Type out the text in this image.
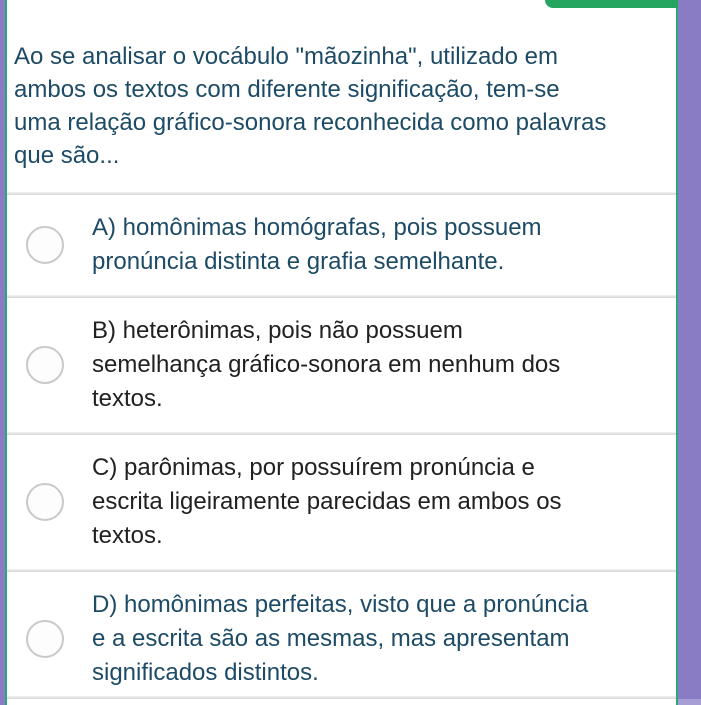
Ao se analisar o vocábulo "mãozinha", utilizado em
ambos os textos com diferente significação, tem-se
uma relação gráfico-sonora reconhecida como palavras
que são...
A) homônimas homógrafas, pois possuem
pronúncia distinta e grafia semelhante.
B) heterônimas, pois não possuem
semelhança gráfico-sonora em nenhum dos
textos.
C) parônimas, por possuírem pronúncia e
escrita ligeiramente parecidas em ambos os
textos.
D) homônimas perfeitas, visto que a pronúncia
e a escrita são as mesmas, mas apresentam
significados distintos.
